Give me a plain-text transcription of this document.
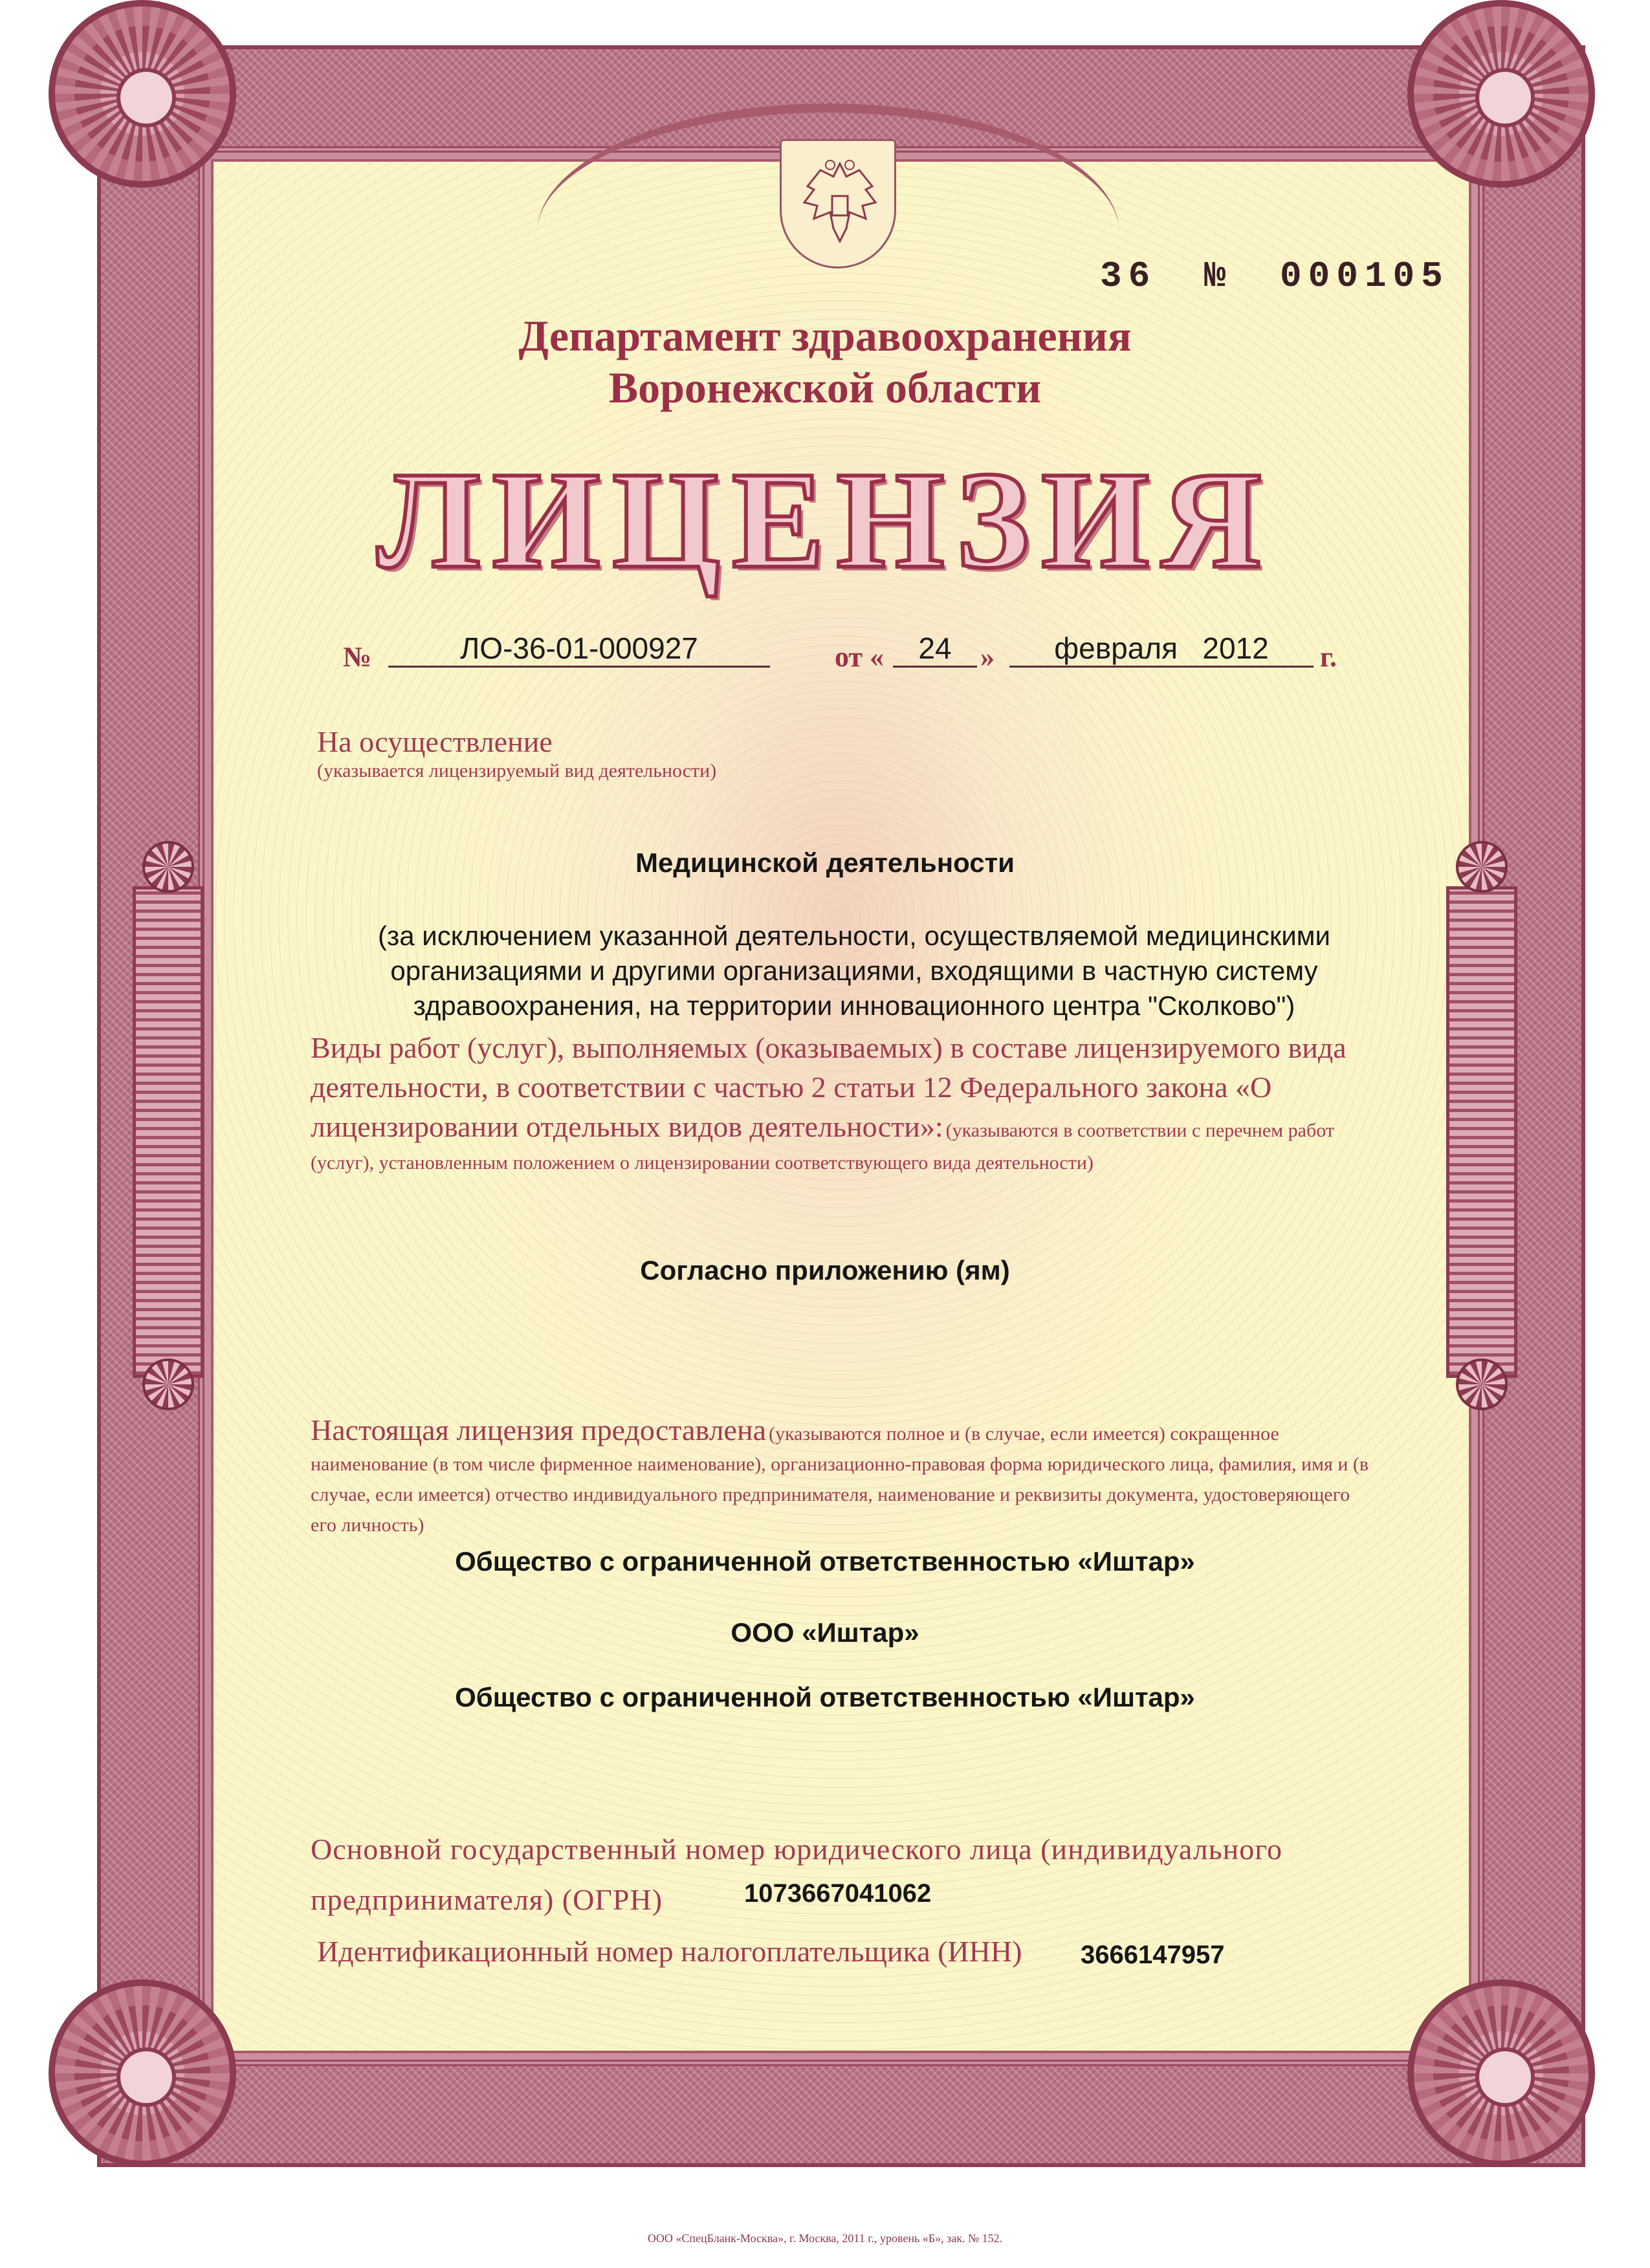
36 № 000105
Департамент здравоохранения
Воронежской области
ЛИЦЕНЗИЯ
№	ЛО-36-01-000927	от «	24	»	февраля   2012	г.
На осуществление
(указывается лицензируемый вид деятельности)
Медицинской деятельности
(за исключением указанной деятельности, осуществляемой медицинскими организациями и другими организациями, входящими в частную систему здравоохранения, на территории инновационного центра "Сколково")
Виды работ (услуг), выполняемых (оказываемых) в составе лицензируемого вида деятельности, в соответствии с частью 2 статьи 12 Федерального закона «О лицензировании отдельных видов деятельности»: (указываются в соответствии с перечнем работ (услуг), установленным положением о лицензировании соответствующего вида деятельности)
Согласно приложению (ям)
Настоящая лицензия предоставлена (указываются полное и (в случае, если имеется) сокращенное наименование (в том числе фирменное наименование), организационно-правовая форма юридического лица, фамилия, имя и (в случае, если имеется) отчество индивидуального предпринимателя, наименование и реквизиты документа, удостоверяющего его личность)
Общество с ограниченной ответственностью «Иштар»
ООО «Иштар»
Общество с ограниченной ответственностью «Иштар»
Основной государственный номер юридического лица (индивидуального предпринимателя) (ОГРН)	1073667041062
Идентификационный номер налогоплательщика (ИНН) 3666147957
ООО «СпецБланк-Москва», г. Москва, 2011 г., уровень «Б», зак. № 152.
